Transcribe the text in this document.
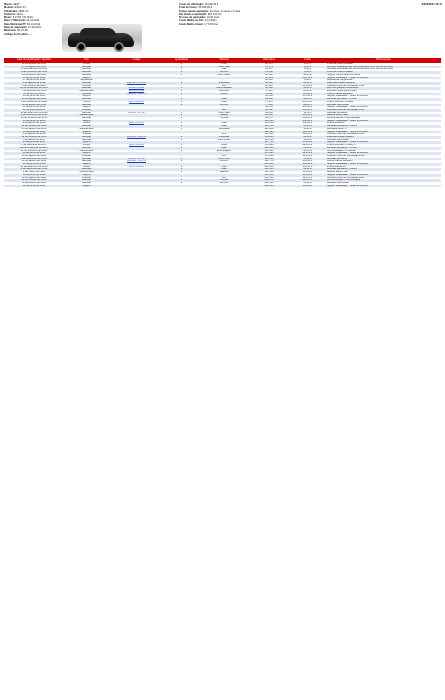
Marca: SEAT
Modelo: EXEO ST
Cilindrada: 1968 cm³
Potência: 143cv
Motor: 2.0 TDI CR 143cv
Data 1ª Matrícula: 04-04-2011
Data Matrícula PT: 04-04-2011
Data de Aquisição: 17-03-2011
Matrícula: 33-LX-48
Código do Produto: —
Custo de Utilização: 18 249,39 €
Total de Custo: 35 549,39 €
Tempo desde aquisição: 10 anos, 3 meses e 6 dias
Km desde a aquisição: 287 612 Km
Nº anos de aquisição: 10,30 anos
Custo Médio ao Km: 0,12 €/Km
Custo Médio Anual: 1 772 €/Ano
23/06/2021 10:47
Data de Modificação / Revisão	Tipo	Código	Quantidade	Material	Kilometros	Custo	Observações
12 de agosto de 2011	Pneus		4	Pneu	28 272	0,00 €	Pneu de inverno usado
17 de agosto de 2011	Revisão		1	Filtro Óleo	29 174	0,00 €	Revisão realizada pelo concessionário com outros serviços
15 de setembro de 2011	Revisão		1	Óleo	31 527	0,00 €	Revisão realizada pelo concessionário com outros serviços
8 de novembro de 2011	Revisão		1	Filtro Ar	35 660	0,00 €	Pneu de inverno usado
14 de janeiro de 2012	Revisão		1	Filtro Pólen	40 150	40,00 €	Seguro contra todos os riscos
10 de junho de 2012	Seguro				45 221	490,50 €	Seguro Fidelidade - Todos os Riscos
27 de junho de 2012	Reparação				46 330	0,00 €	Reparação na garantia
1 de agosto de 2012	Revisão	BRAKE - 145.XS	2	Pastilhas	48 310	88,00 €	Pastilhas travão dianteiro
5 de outubro de 2012	Imposto			IUC	50 120	115,00 €	Imposto único de circulação 2012
12 de dezembro de 2012	Revisão	BOSCH F026	1	Filtro Gasóleo	53 900	32,00 €	Filtro de gasóleo substituído
7 de fevereiro de 2013	Manutenção	BOSCH F026	1	Escovas	57 210	24,90 €	Escovas limpa para-brisas
14 de abril de 2013	Revisão	BRAKE - 145.XS	2	Discos	61 002	145,00 €	Discos travão dianteiro
10 de junho de 2013	Seguro				64 580	478,00 €	Seguro Fidelidade - Todos os Riscos
28 de agosto de 2013	Revisão		1	Óleo	69 240	92,00 €	Revisão periódica - 5 litros
3 de novembro de 2013	Pneus	MICH 225/45	4	Pneu	73 115	412,00 €	Pneus Michelin Primacy
18 de janeiro de 2014	Revisão		1	Filtro Ar	77 880	28,00 €	Revisão intermédia
10 de junho de 2014	Seguro				83 470	465,20 €	Seguro Fidelidade - Todos os Riscos
22 de julho de 2014	Imposto			IUC	86 002	118,00 €	Imposto único de circulação 2014
14 de setembro de 2014	Revisão	MANN - W719	1	Filtro Óleo	89 610	14,50 €	Revisão periódica
2 de dezembro de 2014	Manutenção		1	Bateria	94 300	109,00 €	Bateria Varta 74Ah
20 de fevereiro de 2015	Revisão		1	Correia	98 870	389,00 €	Kit distribuição + bomba água
10 de junho de 2015	Seguro				104 115	452,80 €	Seguro Fidelidade - Todos os Riscos
9 de agosto de 2015	Pneus	MICH 225/45	2	Pneu	108 250	206,00 €	Pneus traseiros
30 de outubro de 2015	Revisão		1	Óleo	113 760	95,00 €	Revisão periódica - 5 litros
15 de janeiro de 2016	Manutenção		1	Lâmpada	118 402	12,00 €	Lâmpada farol H7
10 de junho de 2016	Seguro				125 590	440,00 €	Seguro Fidelidade - Todos os Riscos
4 de agosto de 2016	Imposto			IUC	129 003	120,00 €	Imposto único de circulação 2016
19 de outubro de 2016	Revisão	BRAKE - 145.XS	2	Pastilhas	134 880	92,00 €	Pastilhas travão traseiro
7 de janeiro de 2017	Revisão		1	Filtro Pólen	140 210	18,00 €	Revisão intermédia
10 de junho de 2017	Seguro				147 730	431,60 €	Seguro Fidelidade - Todos os Riscos
1 de setembro de 2017	Pneus	MICH 225/45	4	Pneu	153 900	428,00 €	Pneus Michelin Primacy 4
16 de novembro de 2017	Revisão		1	Óleo	158 640	98,00 €	Revisão periódica - 5 litros
12 de fevereiro de 2018	Manutenção		1	Embraiagem	164 020	720,00 €	Kit embraiagem + volante
10 de junho de 2018	Seguro				171 305	425,00 €	Seguro Fidelidade - Todos os Riscos
23 de agosto de 2018	Imposto			IUC	175 880	121,00 €	Imposto único de circulação 2018
5 de novembro de 2018	Revisão	MANN - W719	1	Filtro Óleo	181 230	15,00 €	Revisão periódica
28 de janeiro de 2019	Revisão	BRAKE - 145.XS	2	Discos	186 770	152,00 €	Discos travão dianteiro
10 de junho de 2019	Seguro				194 002	418,40 €	Seguro Fidelidade - Todos os Riscos
14 de setembro de 2019	Pneus	MICH 225/45	2	Pneu	200 480	214,00 €	Pneus dianteiros
9 de dezembro de 2019	Revisão		1	Óleo	206 115	99,00 €	Revisão periódica - 5 litros
3 de março de 2020	Manutenção		1	Bateria	211 330	115,00 €	Bateria Varta 74Ah
10 de junho de 2020	Seguro				216 940	410,00 €	Seguro Fidelidade - Todos os Riscos
18 de agosto de 2020	Imposto			IUC	221 002	122,00 €	Imposto único de circulação 2020
25 de outubro de 2020	Revisão		1	Correia	226 870	395,00 €	Kit distribuição + bomba água
11 de janeiro de 2021	Revisão		1	Filtro Ar	232 510	30,00 €	Revisão intermédia
10 de junho de 2021	Seguro				240 884	402,00 €	Seguro Fidelidade - Todos os Riscos
